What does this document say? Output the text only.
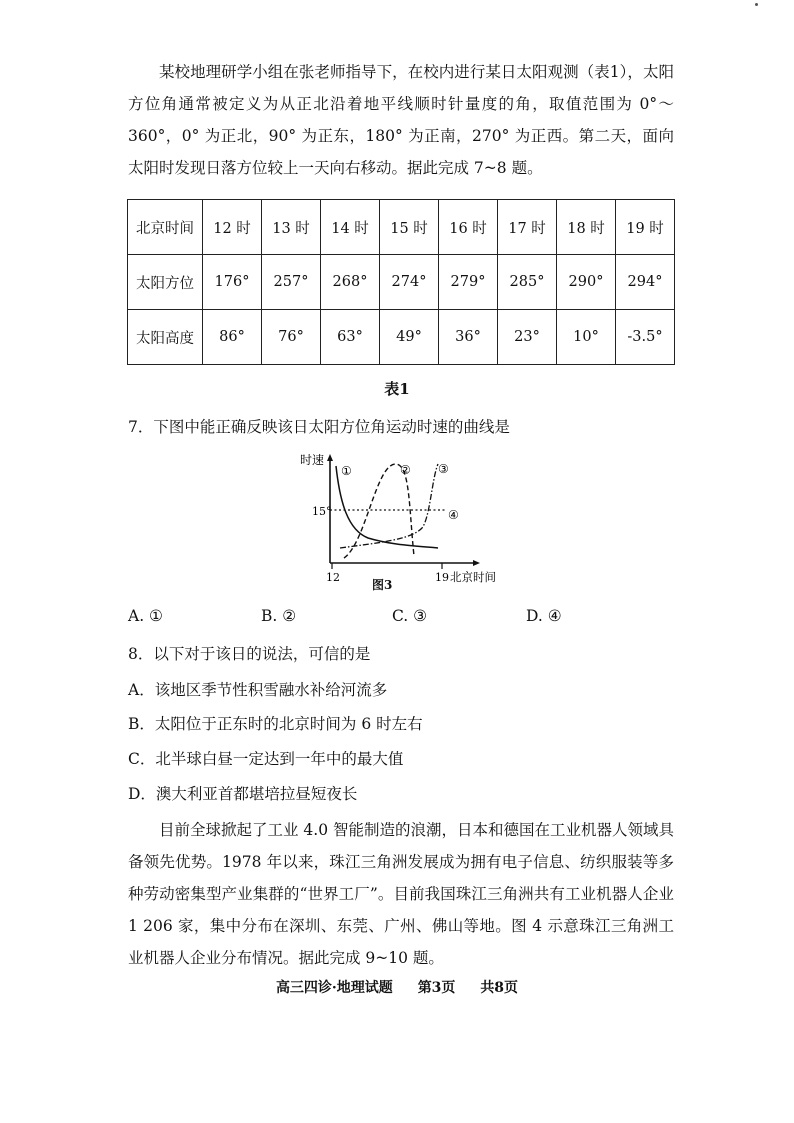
某校地理研学小组在张老师指导下，在校内进行某日太阳观测（表1），太阳方位角通常被定义为从正北沿着地平线顺时针量度的角，取值范围为 0°～360°，0° 为正北，90° 为正东，180° 为正南，270° 为正西。第二天，面向太阳时发现日落方位较上一天向右移动。据此完成 7~8 题。

北京时间	12 时	13 时	14 时	15 时	16 时	17 时	18 时	19 时
太阳方位	176°	257°	268°	274°	279°	285°	290°	294°
太阳高度	86°	76°	63°	49°	36°	23°	10°	-3.5°
表1

7．下图中能正确反映该日太阳方位角运动时速的曲线是

时速
15°
12	19 北京时间
①	② ③
④
图3
A. ①	B. ②	C. ③	D. ④

8．以下对于该日的说法，可信的是

A．该地区季节性积雪融水补给河流多
B．太阳位于正东时的北京时间为 6 时左右
C．北半球白昼一定达到一年中的最大值
D．澳大利亚首都堪培拉昼短夜长

目前全球掀起了工业 4.0 智能制造的浪潮，日本和德国在工业机器人领域具备领先优势。1978 年以来，珠江三角洲发展成为拥有电子信息、纺织服装等多种劳动密集型产业集群的“世界工厂”。目前我国珠江三角洲共有工业机器人企业 1 206 家，集中分布在深圳、东莞、广州、佛山等地。图 4 示意珠江三角洲工业机器人企业分布情况。据此完成 9~10 题。

高三四诊·地理试题 第3页 共8页
